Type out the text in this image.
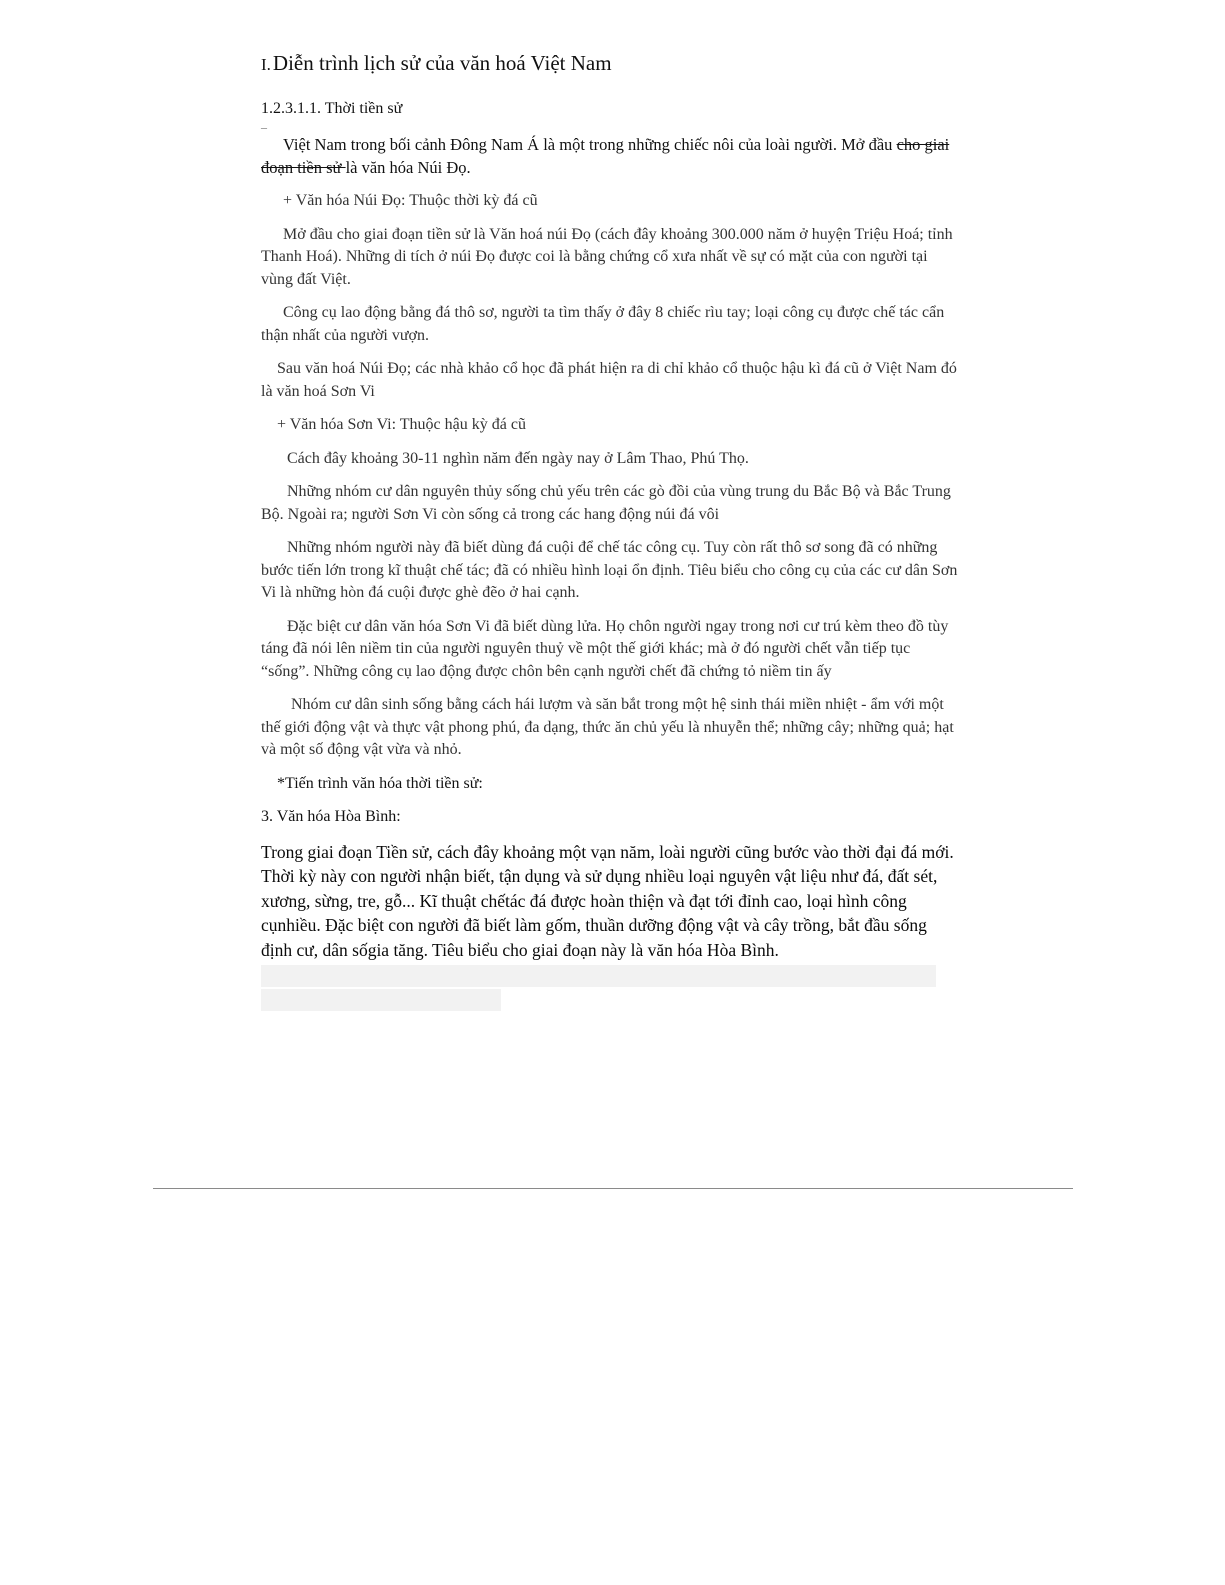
I.Diễn trình lịch sử của văn hoá Việt Nam
1.2.3.1.1. Thời tiền sử

Việt Nam trong bối cảnh Đông Nam Á là một trong những chiếc nôi của loài người. Mở đầu cho giai đoạn tiền sử là văn hóa Núi Đọ.

+ Văn hóa Núi Đọ: Thuộc thời kỳ đá cũ

Mở đầu cho giai đoạn tiền sử là Văn hoá núi Đọ (cách đây khoảng 300.000 năm ở huyện Triệu Hoá; tỉnh Thanh Hoá). Những di tích ở núi Đọ được coi là bằng chứng cổ xưa nhất về sự có mặt của con người tại vùng đất Việt.

Công cụ lao động bằng đá thô sơ, người ta tìm thấy ở đây 8 chiếc rìu tay; loại công cụ được chế tác cẩn thận nhất của người vượn.

Sau văn hoá Núi Đọ; các nhà khảo cổ học đã phát hiện ra di chỉ khảo cổ thuộc hậu kì đá cũ ở Việt Nam đó là văn hoá Sơn Vi

+ Văn hóa Sơn Vi: Thuộc hậu kỳ đá cũ

Cách đây khoảng 30-11 nghìn năm đến ngày nay ở Lâm Thao, Phú Thọ.

Những nhóm cư dân nguyên thủy sống chủ yếu trên các gò đồi của vùng trung du Bắc Bộ và Bắc Trung Bộ. Ngoài ra; người Sơn Vi còn sống cả trong các hang động núi đá vôi

Những nhóm người này đã biết dùng đá cuội để chế tác công cụ. Tuy còn rất thô sơ song đã có những bước tiến lớn trong kĩ thuật chế tác; đã có nhiều hình loại ổn định. Tiêu biểu cho công cụ của các cư dân Sơn Vi là những hòn đá cuội được ghè đẽo ở hai cạnh.

Đặc biệt cư dân văn hóa Sơn Vi đã biết dùng lửa. Họ chôn người ngay trong nơi cư trú kèm theo đồ tùy táng đã nói lên niềm tin của người nguyên thuỷ về một thế giới khác; mà ở đó người chết vẫn tiếp tục “sống”. Những công cụ lao động được chôn bên cạnh người chết đã chứng tỏ niềm tin ấy

Nhóm cư dân sinh sống bằng cách hái lượm và săn bắt trong một hệ sinh thái miền nhiệt - ẩm với một thế giới động vật và thực vật phong phú, đa dạng, thức ăn chủ yếu là nhuyễn thể; những cây; những quả; hạt và một số động vật vừa và nhỏ.

*Tiến trình văn hóa thời tiền sử:

3. Văn hóa Hòa Bình:

Trong giai đoạn Tiền sử, cách đây khoảng một vạn năm, loài người cũng bước vào thời đại đá mới. Thời kỳ này con người nhận biết, tận dụng và sử dụng nhiều loại nguyên vật liệu như đá, đất sét, xương, sừng, tre, gỗ... Kĩ thuật chếtác đá được hoàn thiện và đạt tới đỉnh cao, loại hình công cụnhiều. Đặc biệt con người đã biết làm gốm, thuần dưỡng động vật và cây trồng, bắt đầu sống định cư, dân sốgia tăng. Tiêu biểu cho giai đoạn này là văn hóa Hòa Bình.

–
